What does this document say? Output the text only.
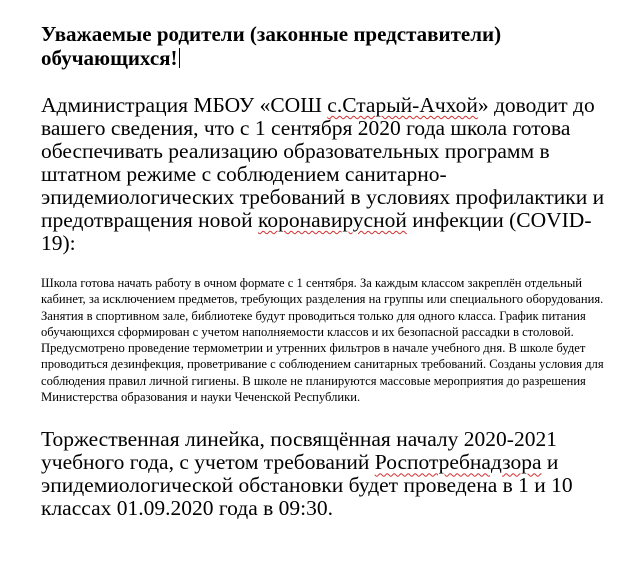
Уважаемые родители (законные представители)
обучающихся!

Администрация МБОУ «СОШ с.Старый-Ачхой» доводит до вашего сведения, что с 1 сентября 2020 года школа готова обеспечивать реализацию образовательных программ в штатном режиме с соблюдением санитарно-эпидемиологических требований в условиях профилактики и предотвращения новой коронавирусной инфекции (COVID-19):

Школа готова начать работу в очном формате с 1 сентября. За каждым классом закреплён отдельный кабинет, за исключением предметов, требующих разделения на группы или специального оборудования. Занятия в спортивном зале, библиотеке будут проводиться только для одного класса. График питания обучающихся сформирован с учетом наполняемости классов и их безопасной рассадки в столовой. Предусмотрено проведение термометрии и утренних фильтров в начале учебного дня. В школе будет проводиться дезинфекция, проветривание с соблюдением санитарных требований. Созданы условия для соблюдения правил личной гигиены. В школе не планируются массовые мероприятия до разрешения Министерства образования и науки Чеченской Республики.

Торжественная линейка, посвящённая началу 2020-2021 учебного года, с учетом требований Роспотребнадзора и эпидемиологической обстановки будет проведена в 1 и 10 классах 01.09.2020 года в 09:30.
